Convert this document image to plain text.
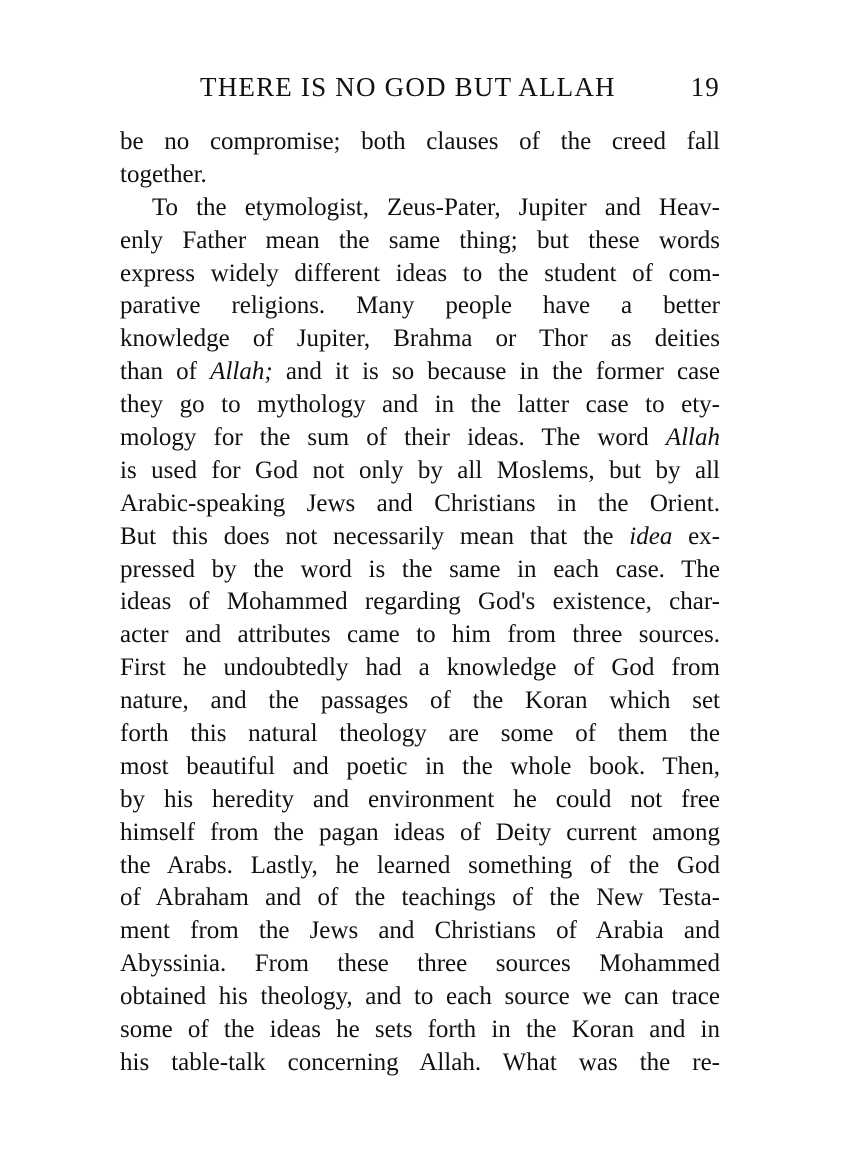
THERE IS NO GOD BUT ALLAH	19
be no compromise; both clauses of the creed fall
together.
To the etymologist, Zeus-Pater, Jupiter and Heav-
enly Father mean the same thing; but these words
express widely different ideas to the student of com-
parative religions. Many people have a better
knowledge of Jupiter, Brahma or Thor as deities
than of Allah; and it is so because in the former case
they go to mythology and in the latter case to ety-
mology for the sum of their ideas. The word Allah
is used for God not only by all Moslems, but by all
Arabic-speaking Jews and Christians in the Orient.
But this does not necessarily mean that the idea ex-
pressed by the word is the same in each case. The
ideas of Mohammed regarding God's existence, char-
acter and attributes came to him from three sources.
First he undoubtedly had a knowledge of God from
nature, and the passages of the Koran which set
forth this natural theology are some of them the
most beautiful and poetic in the whole book. Then,
by his heredity and environment he could not free
himself from the pagan ideas of Deity current among
the Arabs. Lastly, he learned something of the God
of Abraham and of the teachings of the New Testa-
ment from the Jews and Christians of Arabia and
Abyssinia. From these three sources Mohammed
obtained his theology, and to each source we can trace
some of the ideas he sets forth in the Koran and in
his table-talk concerning Allah. What was the re-
